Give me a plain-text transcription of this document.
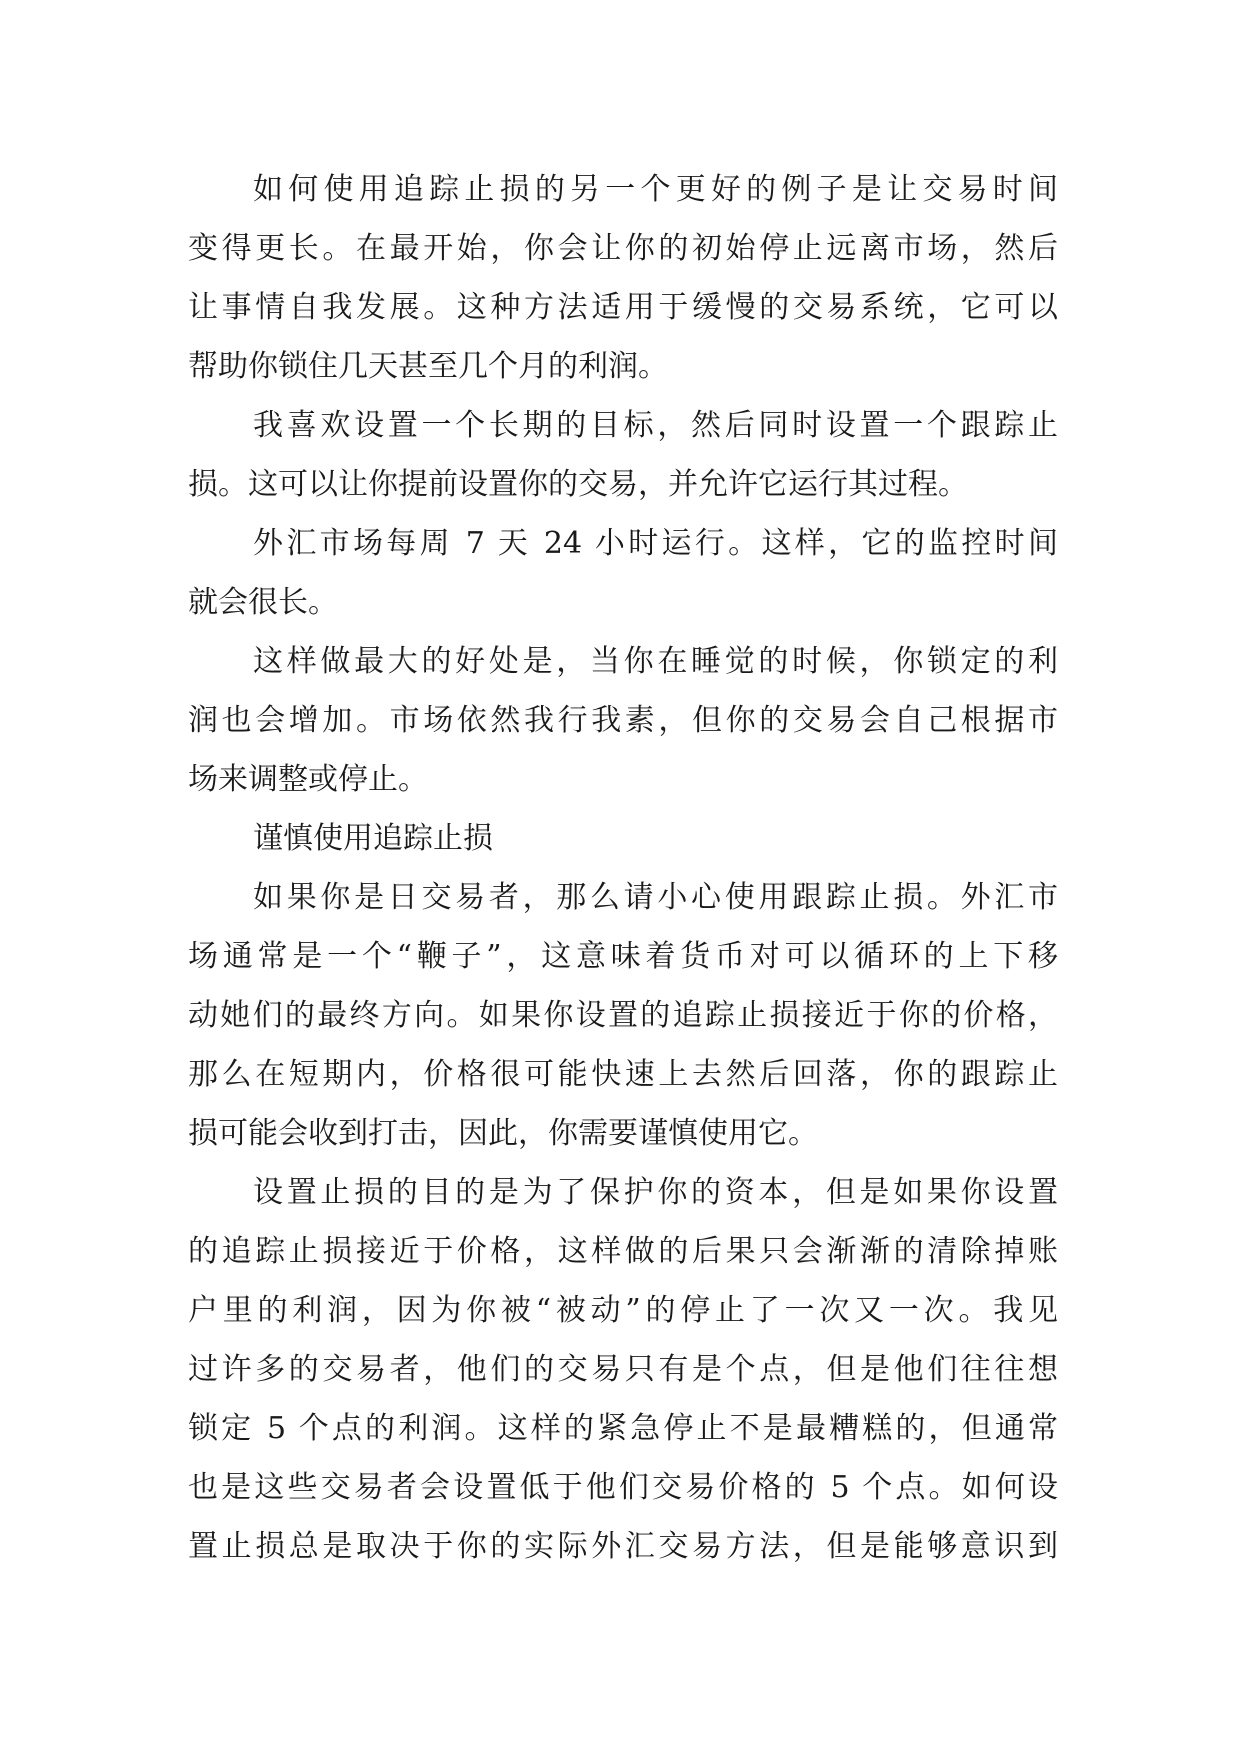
如何使用追踪止损的另一个更好的例子是让交易时间
变得更长。在最开始，你会让你的初始停止远离市场，然后
让事情自我发展。这种方法适用于缓慢的交易系统，它可以
帮助你锁住几天甚至几个月的利润。
我喜欢设置一个长期的目标，然后同时设置一个跟踪止
损。这可以让你提前设置你的交易，并允许它运行其过程。
外汇市场每周 7 天 24 小时运行。这样，它的监控时间
就会很长。
这样做最大的好处是，当你在睡觉的时候，你锁定的利
润也会增加。市场依然我行我素，但你的交易会自己根据市
场来调整或停止。
谨慎使用追踪止损
如果你是日交易者，那么请小心使用跟踪止损。外汇市
场通常是一个“鞭子”，这意味着货币对可以循环的上下移
动她们的最终方向。如果你设置的追踪止损接近于你的价格，
那么在短期内，价格很可能快速上去然后回落，你的跟踪止
损可能会收到打击，因此，你需要谨慎使用它。
设置止损的目的是为了保护你的资本，但是如果你设置
的追踪止损接近于价格，这样做的后果只会渐渐的清除掉账
户里的利润，因为你被“被动”的停止了一次又一次。我见
过许多的交易者，他们的交易只有是个点，但是他们往往想
锁定 5 个点的利润。这样的紧急停止不是最糟糕的，但通常
也是这些交易者会设置低于他们交易价格的 5 个点。如何设
置止损总是取决于你的实际外汇交易方法，但是能够意识到
